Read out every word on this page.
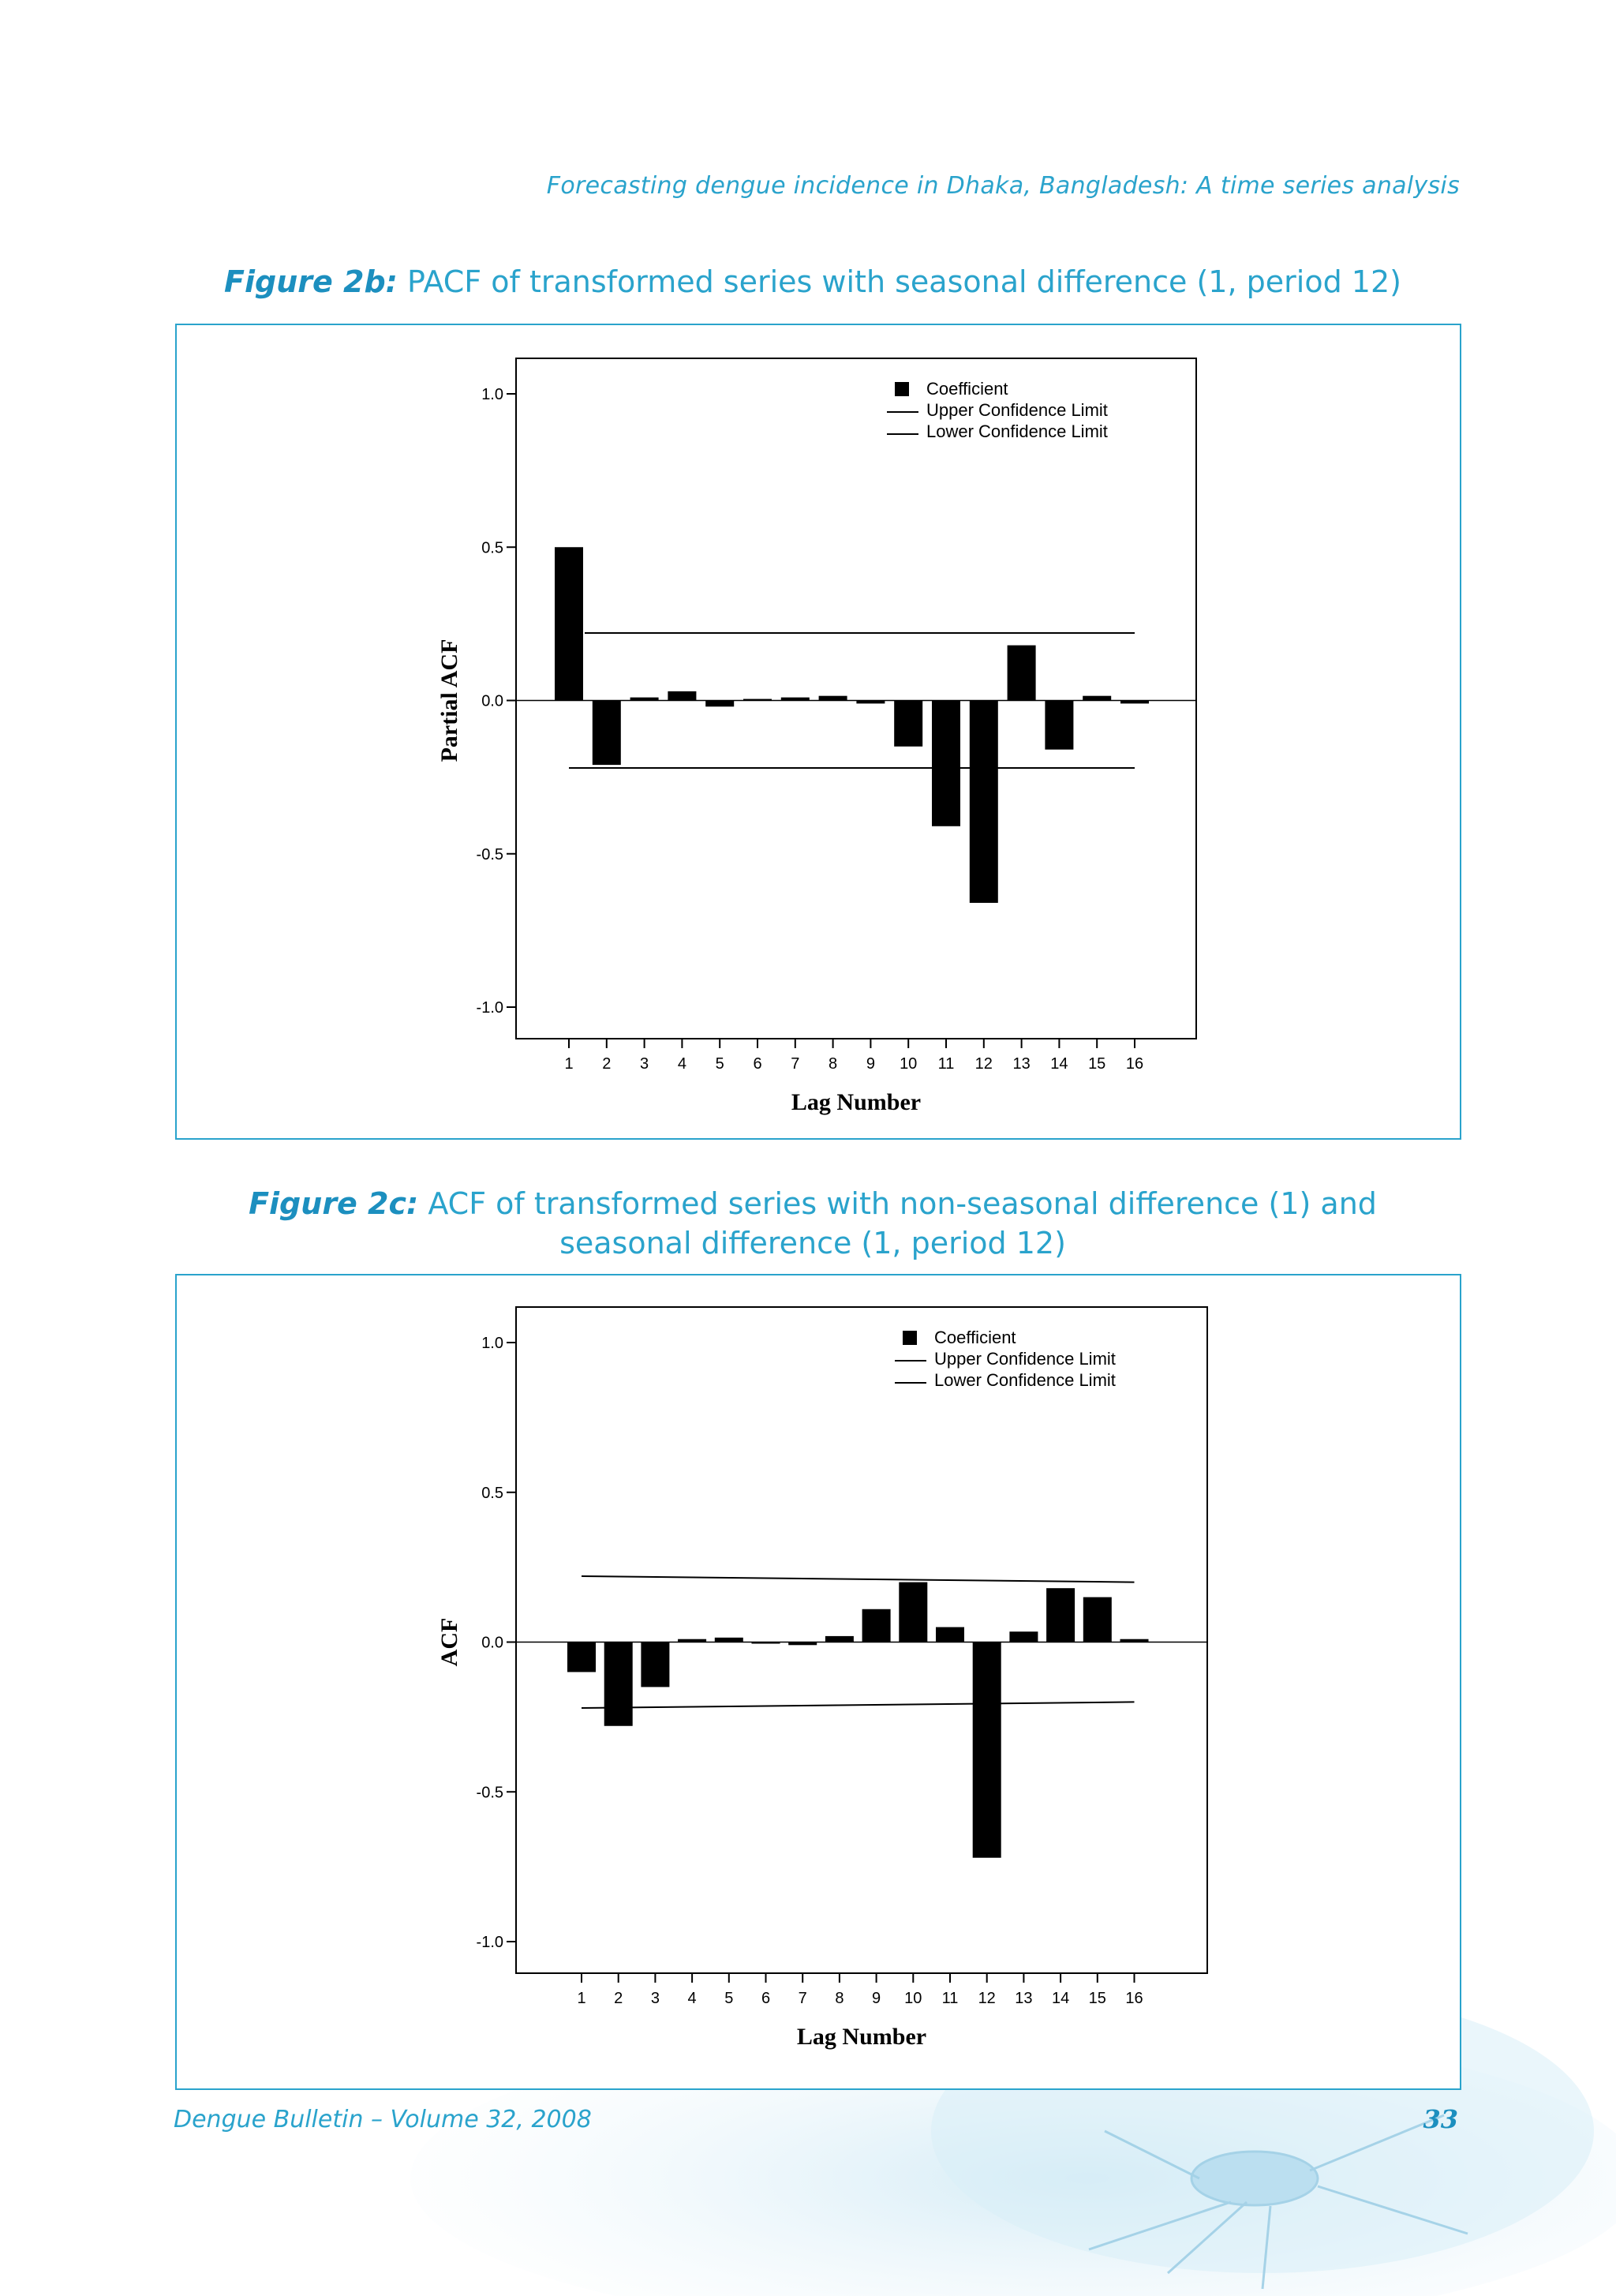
Forecasting dengue incidence in Dhaka, Bangladesh: A time series analysis
Figure 2b: PACF of transformed series with seasonal difference (1, period 12)
1.0
0.5
0.0
-0.5
-1.0
1 2 3 4 5 6 7 8 9 10 11 12 13 14 15 16
Lag Number
Partial ACF
Coefficient
Upper Confidence Limit
Lower Confidence Limit
Figure 2c: ACF of transformed series with non-seasonal difference (1) and
seasonal difference (1, period 12)
1.0
0.5
0.0
-0.5
-1.0
1 2 3 4 5 6 7 8 9 10 11 12 13 14 15 16
Lag Number
ACF
Coefficient
Upper Confidence Limit
Lower Confidence Limit
Dengue Bulletin – Volume 32, 2008	33
